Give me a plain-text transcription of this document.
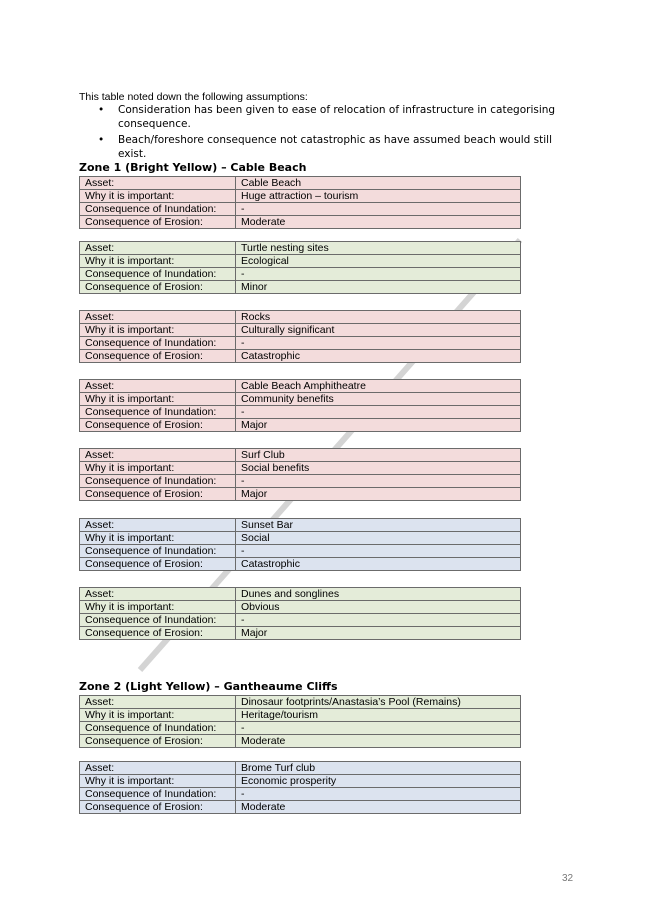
This table noted down the following assumptions:

• Consideration has been given to ease of relocation of infrastructure in categorising consequence.
• Beach/foreshore consequence not catastrophic as have assumed beach would still exist.
Zone 1 (Bright Yellow) – Cable Beach
Asset:	Cable Beach
Why it is important:	Huge attraction – tourism
Consequence of Inundation:	-
Consequence of Erosion:	Moderate
Asset:	Turtle nesting sites
Why it is important:	Ecological
Consequence of Inundation:	-
Consequence of Erosion:	Minor
Asset:	Rocks
Why it is important:	Culturally significant
Consequence of Inundation:	-
Consequence of Erosion:	Catastrophic
Asset:	Cable Beach Amphitheatre
Why it is important:	Community benefits
Consequence of Inundation:	-
Consequence of Erosion:	Major
Asset:	Surf Club
Why it is important:	Social benefits
Consequence of Inundation:	-
Consequence of Erosion:	Major
Asset:	Sunset Bar
Why it is important:	Social
Consequence of Inundation:	-
Consequence of Erosion:	Catastrophic
Asset:	Dunes and songlines
Why it is important:	Obvious
Consequence of Inundation:	-
Consequence of Erosion:	Major
Zone 2 (Light Yellow) – Gantheaume Cliffs
Asset:	Dinosaur footprints/Anastasia’s Pool (Remains)
Why it is important:	Heritage/tourism
Consequence of Inundation:	-
Consequence of Erosion:	Moderate
Asset:	Brome Turf club
Why it is important:	Economic prosperity
Consequence of Inundation:	-
Consequence of Erosion:	Moderate
32
